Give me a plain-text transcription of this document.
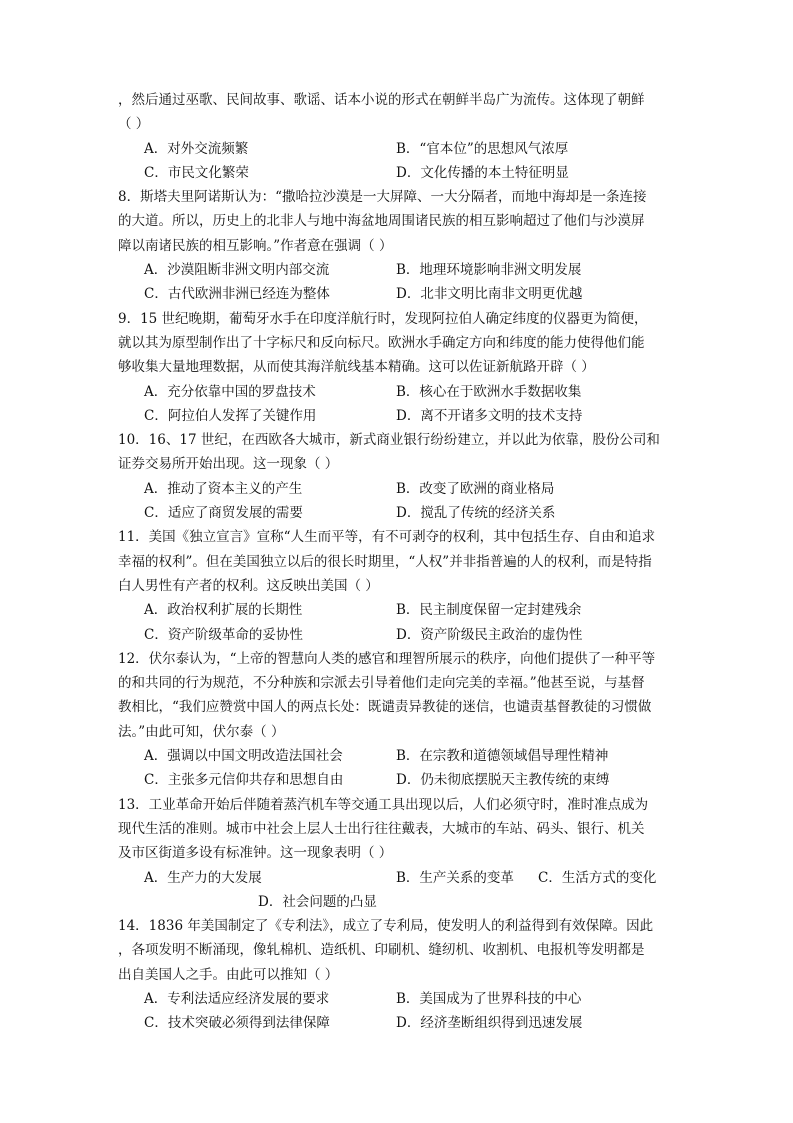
，然后通过巫歌、民间故事、歌谣、话本小说的形式在朝鲜半岛广为流传。这体现了朝鲜
（ ）
A．对外交流频繁	B．“官本位”的思想风气浓厚
C．市民文化繁荣	D．文化传播的本土特征明显
8．斯塔夫里阿诺斯认为：“撒哈拉沙漠是一大屏障、一大分隔者，而地中海却是一条连接
的大道。所以，历史上的北非人与地中海盆地周围诸民族的相互影响超过了他们与沙漠屏
障以南诸民族的相互影响。”作者意在强调（ ）
A．沙漠阻断非洲文明内部交流	B．地理环境影响非洲文明发展
C．古代欧洲非洲已经连为整体	D．北非文明比南非文明更优越
9．15 世纪晚期，葡萄牙水手在印度洋航行时，发现阿拉伯人确定纬度的仪器更为简便，
就以其为原型制作出了十字标尺和反向标尺。欧洲水手确定方向和纬度的能力使得他们能
够收集大量地理数据，从而使其海洋航线基本精确。这可以佐证新航路开辟（ ）
A．充分依靠中国的罗盘技术	B．核心在于欧洲水手数据收集
C．阿拉伯人发挥了关键作用	D．离不开诸多文明的技术支持
10．16、17 世纪，在西欧各大城市，新式商业银行纷纷建立，并以此为依靠，股份公司和
证券交易所开始出现。这一现象（ ）
A．推动了资本主义的产生	B．改变了欧洲的商业格局
C．适应了商贸发展的需要	D．搅乱了传统的经济关系
11．美国《独立宣言》宣称“人生而平等，有不可剥夺的权利，其中包括生存、自由和追求
幸福的权利”。但在美国独立以后的很长时期里，“人权”并非指普遍的人的权利，而是特指
白人男性有产者的权利。这反映出美国（ ）
A．政治权利扩展的长期性	B．民主制度保留一定封建残余
C．资产阶级革命的妥协性	D．资产阶级民主政治的虚伪性
12．伏尔泰认为，“上帝的智慧向人类的感官和理智所展示的秩序，向他们提供了一种平等
的和共同的行为规范，不分种族和宗派去引导着他们走向完美的幸福。”他甚至说，与基督
教相比，“我们应赞赏中国人的两点长处：既谴责异教徒的迷信，也谴责基督教徒的习惯做
法。”由此可知，伏尔泰（ ）
A．强调以中国文明改造法国社会	B．在宗教和道德领域倡导理性精神
C．主张多元信仰共存和思想自由	D．仍未彻底摆脱天主教传统的束缚
13．工业革命开始后伴随着蒸汽机车等交通工具出现以后，人们必须守时，准时准点成为
现代生活的准则。城市中社会上层人士出行往往戴表，大城市的车站、码头、银行、机关
及市区街道多设有标准钟。这一现象表明（ ）
A．生产力的大发展	B．生产关系的变革 C．生活方式的变化
D．社会问题的凸显
14．1836 年美国制定了《专利法》，成立了专利局，使发明人的利益得到有效保障。因此
，各项发明不断涌现，像轧棉机、造纸机、印刷机、缝纫机、收割机、电报机等发明都是
出自美国人之手。由此可以推知（ ）
A．专利法适应经济发展的要求	B．美国成为了世界科技的中心
C．技术突破必须得到法律保障	D．经济垄断组织得到迅速发展
